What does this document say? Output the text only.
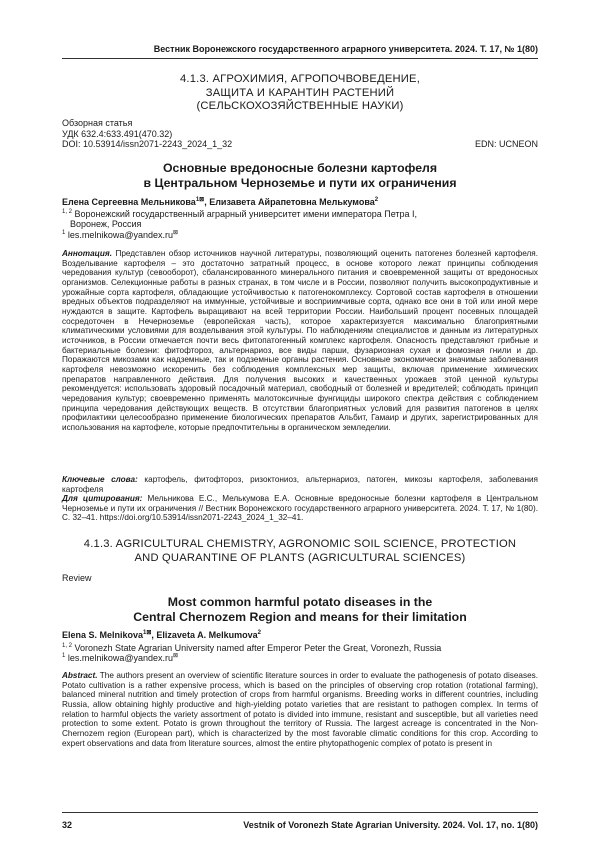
Вестник Воронежского государственного аграрного университета. 2024. Т. 17, № 1(80)
4.1.3. АГРОХИМИЯ, АГРОПОЧВОВЕДЕНИЕ,
ЗАЩИТА И КАРАНТИН РАСТЕНИЙ
(СЕЛЬСКОХОЗЯЙСТВЕННЫЕ НАУКИ)
Обзорная статья
УДК 632.4:633.491(470.32)
DOI: 10.53914/issn2071-2243_2024_1_32	EDN: UCNEON
Основные вредоносные болезни картофеля
в Центральном Черноземье и пути их ограничения
Елена Сергеевна Мельникова$^{1⊠}$, Елизавета Айрапетовна Мелькумова$^2$
$^{1, 2}$ Воронежский государственный аграрный университет имени императора Петра I,
Воронеж, Россия
$^1$ les.melnikowa@yandex.ru⊠
Аннотация. Представлен обзор источников научной литературы, позволяющий оценить патогенез болезней картофеля. Возделывание картофеля – это достаточно затратный процесс, в основе которого лежат принципы соблюдения чередования культур (севооборот), сбалансированного минерального питания и своевременной защиты от вредоносных организмов. Селекционные работы в разных странах, в том числе и в России, позволяют получить высокопродуктивные и урожайные сорта картофеля, обладающие устойчивостью к патогенокомплексу. Сортовой состав картофеля в отношении вредных объектов подразделяют на иммунные, устойчивые и восприимчивые сорта, однако все они в той или иной мере нуждаются в защите. Картофель выращивают на всей территории России. Наибольший процент посевных площадей сосредоточен в Нечерноземье (европейская часть), которое характеризуется максимально благоприятными климатическими условиями для возделывания этой культуры. По наблюдениям специалистов и данным из литературных источников, в России отмечается почти весь фитопатогенный комплекс картофеля. Опасность представляют грибные и бактериальные болезни: фитофтороз, альтернариоз, все виды парши, фузариозная сухая и фомозная гнили и др. Поражаются микозами как надземные, так и подземные органы растения. Основные экономически значимые заболевания картофеля невозможно искоренить без соблюдения комплексных мер защиты, включая применение химических препаратов направленного действия. Для получения высоких и качественных урожаев этой ценной культуры рекомендуется: использовать здоровый посадочный материал, свободный от болезней и вредителей; соблюдать принцип чередования культур; своевременно применять малотоксичные фунгициды широкого спектра действия с соблюдением принципа чередования действующих веществ. В отсутствии благоприятных условий для развития патогенов в целях профилактики целесообразно применение биологических препаратов Альбит, Гамаир и других, зарегистрированных для использования на картофеле, которые предпочтительны в органическом земледелии.
Ключевые слова: картофель, фитофтороз, ризоктониоз, альтернариоз, патоген, микозы картофеля, заболевания картофеля
Для цитирования: Мельникова Е.С., Мелькумова Е.А. Основные вредоносные болезни картофеля в Центральном Черноземье и пути их ограничения // Вестник Воронежского государственного аграрного университета. 2024. Т. 17, № 1(80). С. 32–41. https://doi.org/10.53914/issn2071-2243_2024_1_32–41.
4.1.3. AGRICULTURAL CHEMISTRY, AGRONOMIC SOIL SCIENCE, PROTECTION
AND QUARANTINE OF PLANTS (AGRICULTURAL SCIENCES)
Review
Most common harmful potato diseases in the
Central Chernozem Region and means for their limitation
Elena S. Melnikova$^{1⊠}$, Elizaveta A. Melkumova$^2$
$^{1, 2}$ Voronezh State Agrarian University named after Emperor Peter the Great, Voronezh, Russia
$^1$ les.melnikowa@yandex.ru⊠
Abstract. The authors present an overview of scientific literature sources in order to evaluate the pathogenesis of potato diseases. Potato cultivation is a rather expensive process, which is based on the principles of observing crop rotation (rotational farming), balanced mineral nutrition and timely protection of crops from harmful organisms. Breeding works in different countries, including Russia, allow obtaining highly productive and high-yielding potato varieties that are resistant to pathogen complex. In terms of relation to harmful objects the variety assortment of potato is divided into immune, resistant and susceptible, but all varieties need protection to some extent. Potato is grown throughout the territory of Russia. The largest acreage is concentrated in the Non-Chernozem region (European part), which is characterized by the most favorable climatic conditions for this crop. According to expert observations and data from literature sources, almost the entire phytopathogenic complex of potato is present in
32	Vestnik of Voronezh State Agrarian University. 2024. Vol. 17, no. 1(80)
